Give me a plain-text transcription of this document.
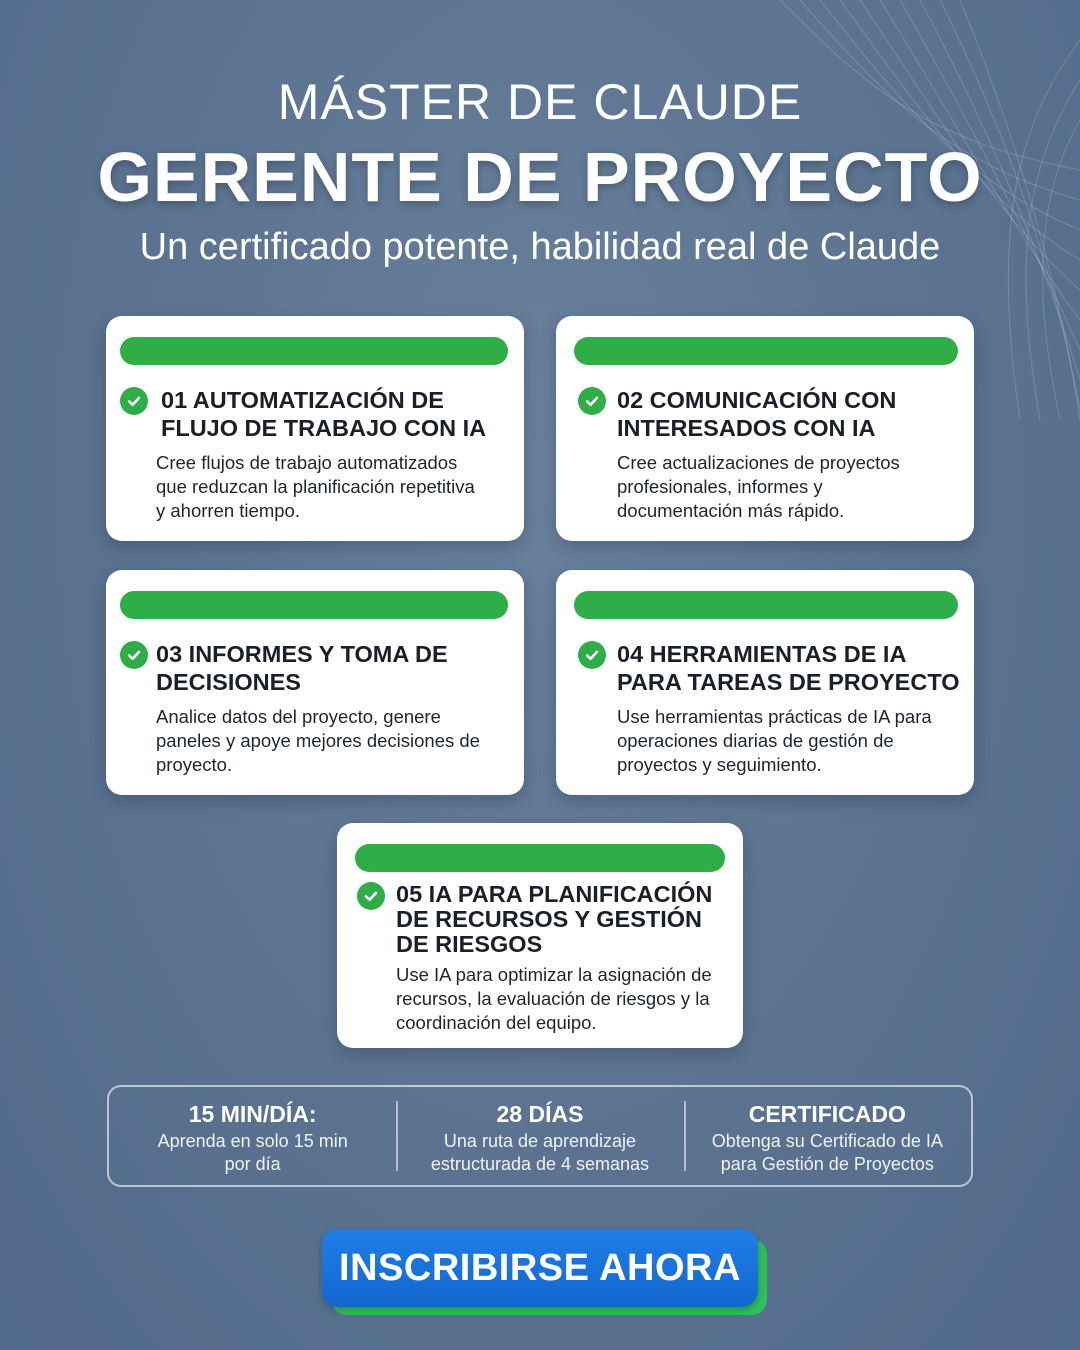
MÁSTER DE CLAUDE
GERENTE DE PROYECTO
Un certificado potente, habilidad real de Claude
01 AUTOMATIZACIÓN DE
FLUJO DE TRABAJO CON IA
Cree flujos de trabajo automatizados
que reduzcan la planificación repetitiva
y ahorren tiempo.
02 COMUNICACIÓN CON
INTERESADOS CON IA
Cree actualizaciones de proyectos
profesionales, informes y
documentación más rápido.
03 INFORMES Y TOMA DE
DECISIONES
Analice datos del proyecto, genere
paneles y apoye mejores decisiones de
proyecto.
04 HERRAMIENTAS DE IA
PARA TAREAS DE PROYECTO
Use herramientas prácticas de IA para
operaciones diarias de gestión de
proyectos y seguimiento.
05 IA PARA PLANIFICACIÓN
DE RECURSOS Y GESTIÓN
DE RIESGOS
Use IA para optimizar la asignación de
recursos, la evaluación de riesgos y la
coordinación del equipo.
15 MIN/DÍA:
Aprenda en solo 15 min
por día
28 DÍAS
Una ruta de aprendizaje
estructurada de 4 semanas
CERTIFICADO
Obtenga su Certificado de IA
para Gestión de Proyectos
INSCRIBIRSE AHORA
